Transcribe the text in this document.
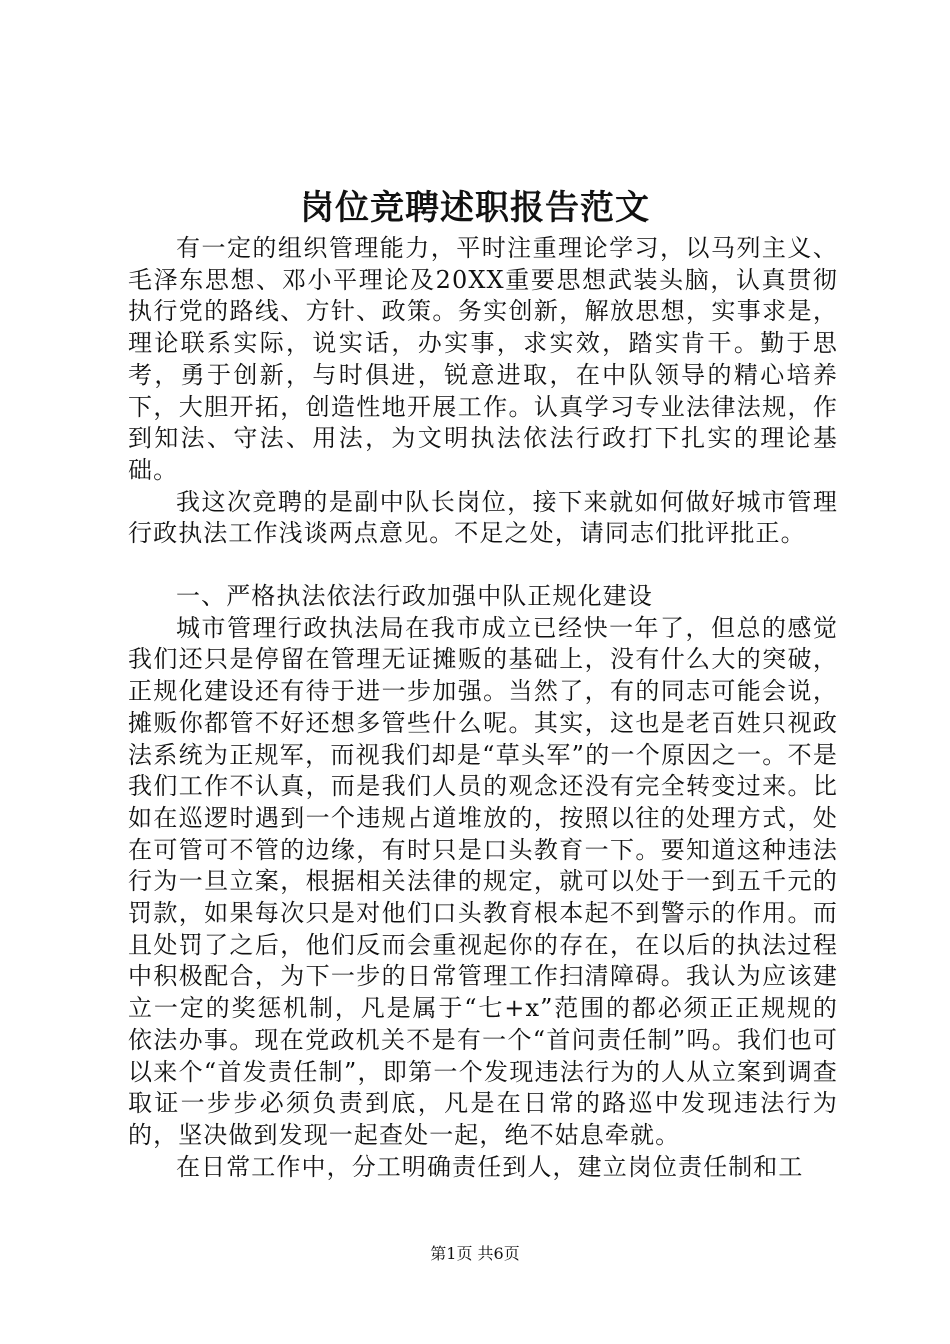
岗位竞聘述职报告范文

有一定的组织管理能力，平时注重理论学习，以马列主义、毛泽东思想、邓小平理论及20XX重要思想武装头脑，认真贯彻执行党的路线、方针、政策。务实创新，解放思想，实事求是，理论联系实际，说实话，办实事，求实效，踏实肯干。勤于思考，勇于创新，与时俱进，锐意进取，在中队领导的精心培养下，大胆开拓，创造性地开展工作。认真学习专业法律法规，作到知法、守法、用法，为文明执法依法行政打下扎实的理论基础。

我这次竞聘的是副中队长岗位，接下来就如何做好城市管理行政执法工作浅谈两点意见。不足之处，请同志们批评批正。

一、严格执法依法行政加强中队正规化建设

城市管理行政执法局在我市成立已经快一年了，但总的感觉我们还只是停留在管理无证摊贩的基础上，没有什么大的突破，正规化建设还有待于进一步加强。当然了，有的同志可能会说，摊贩你都管不好还想多管些什么呢。其实，这也是老百姓只视政法系统为正规军，而视我们却是“草头军”的一个原因之一。不是我们工作不认真，而是我们人员的观念还没有完全转变过来。比如在巡逻时遇到一个违规占道堆放的，按照以往的处理方式，处在可管可不管的边缘，有时只是口头教育一下。要知道这种违法行为一旦立案，根据相关法律的规定，就可以处于一到五千元的罚款，如果每次只是对他们口头教育根本起不到警示的作用。而且处罚了之后，他们反而会重视起你的存在，在以后的执法过程中积极配合，为下一步的日常管理工作扫清障碍。我认为应该建立一定的奖惩机制，凡是属于“七+x”范围的都必须正正规规的依法办事。现在党政机关不是有一个“首问责任制”吗。我们也可以来个“首发责任制”，即第一个发现违法行为的人从立案到调查取证一步步必须负责到底，凡是在日常的路巡中发现违法行为的，坚决做到发现一起查处一起，绝不姑息牵就。

在日常工作中，分工明确责任到人，建立岗位责任制和工

第1页 共6页
